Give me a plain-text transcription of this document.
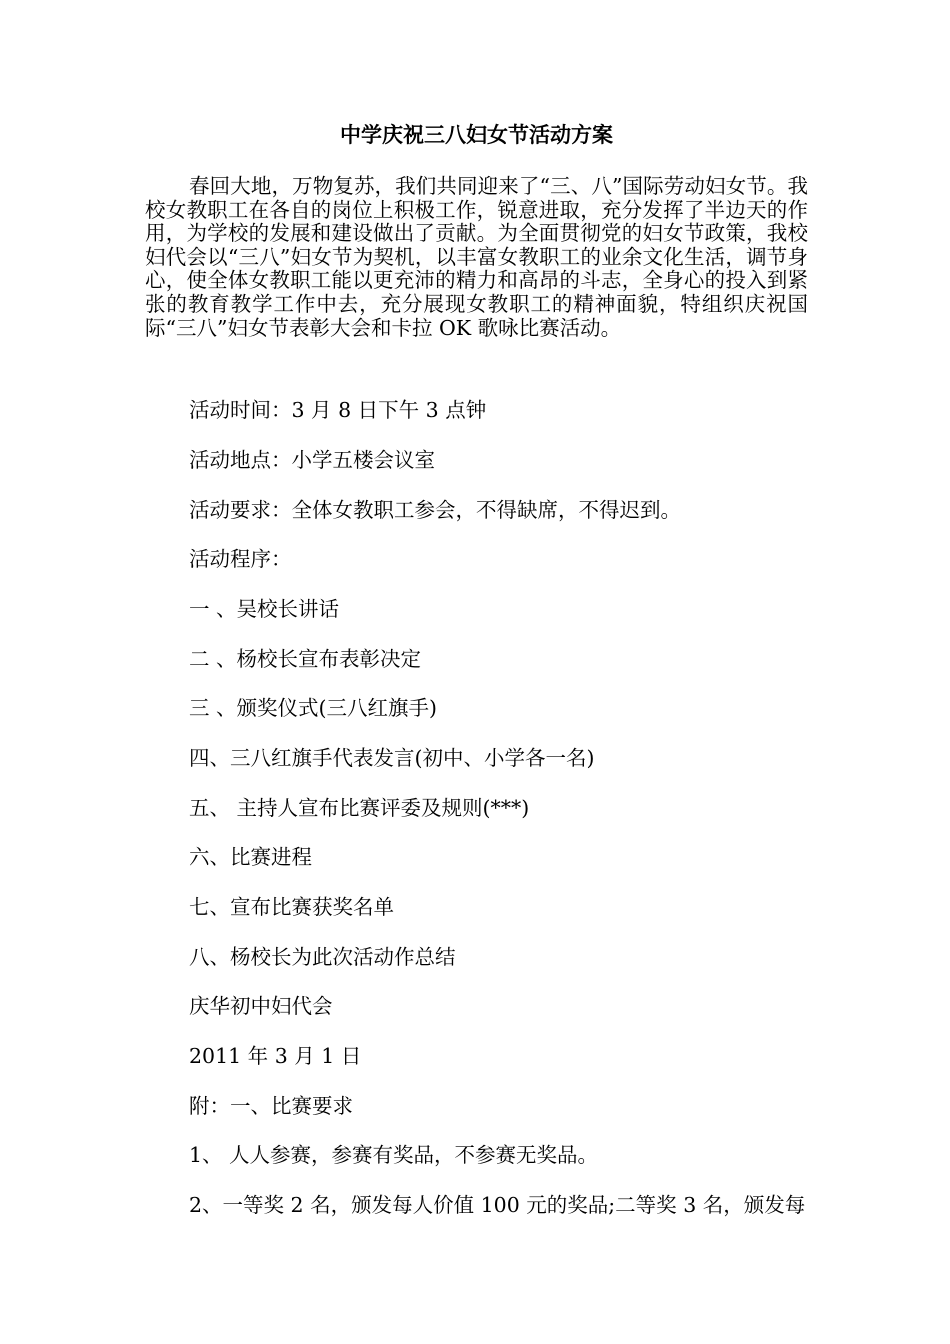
中学庆祝三八妇女节活动方案

春回大地，万物复苏，我们共同迎来了“三、八”国际劳动妇女节。我校女教职工在各自的岗位上积极工作，锐意进取，充分发挥了半边天的作用，为学校的发展和建设做出了贡献。为全面贯彻党的妇女节政策，我校妇代会以“三八”妇女节为契机，以丰富女教职工的业余文化生活，调节身心，使全体女教职工能以更充沛的精力和高昂的斗志，全身心的投入到紧张的教育教学工作中去，充分展现女教职工的精神面貌，特组织庆祝国际“三八”妇女节表彰大会和卡拉 OK 歌咏比赛活动。

活动时间：3 月 8 日下午 3 点钟

活动地点：小学五楼会议室

活动要求：全体女教职工参会，不得缺席，不得迟到。

活动程序：

一 、吴校长讲话

二 、杨校长宣布表彰决定

三 、颁奖仪式(三八红旗手)

四、三八红旗手代表发言(初中、小学各一名)

五、 主持人宣布比赛评委及规则(***)

六、比赛进程

七、宣布比赛获奖名单

八、杨校长为此次活动作总结

庆华初中妇代会

2011 年 3 月 1 日

附：一、比赛要求

1、 人人参赛，参赛有奖品，不参赛无奖品。

2、一等奖 2 名，颁发每人价值 100 元的奖品;二等奖 3 名，颁发每
